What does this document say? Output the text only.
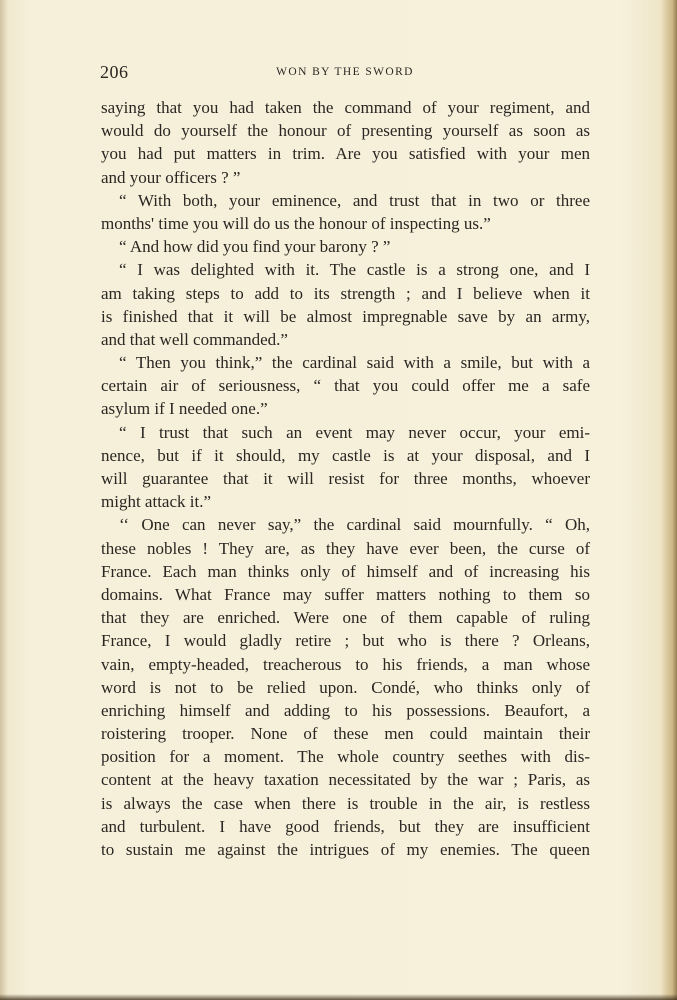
206	WON BY THE SWORD
saying that you had taken the command of your regiment, and
would do yourself the honour of presenting yourself as soon as
you had put matters in trim. Are you satisfied with your men
and your officers ? ”
“ With both, your eminence, and trust that in two or three
months' time you will do us the honour of inspecting us.”
“ And how did you find your barony ? ”
“ I was delighted with it. The castle is a strong one, and I
am taking steps to add to its strength ; and I believe when it
is finished that it will be almost impregnable save by an army,
and that well commanded.”
“ Then you think,” the cardinal said with a smile, but with a
certain air of seriousness, “ that you could offer me a safe
asylum if I needed one.”
“ I trust that such an event may never occur, your emi-
nence, but if it should, my castle is at your disposal, and I
will guarantee that it will resist for three months, whoever
might attack it.”
‘‘ One can never say,” the cardinal said mournfully. “ Oh,
these nobles ! They are, as they have ever been, the curse of
France. Each man thinks only of himself and of increasing his
domains. What France may suffer matters nothing to them so
that they are enriched. Were one of them capable of ruling
France, I would gladly retire ; but who is there ? Orleans,
vain, empty-headed, treacherous to his friends, a man whose
word is not to be relied upon. Condé, who thinks only of
enriching himself and adding to his possessions. Beaufort, a
roistering trooper. None of these men could maintain their
position for a moment. The whole country seethes with dis-
content at the heavy taxation necessitated by the war ; Paris, as
is always the case when there is trouble in the air, is restless
and turbulent. I have good friends, but they are insufficient
to sustain me against the intrigues of my enemies. The queen
